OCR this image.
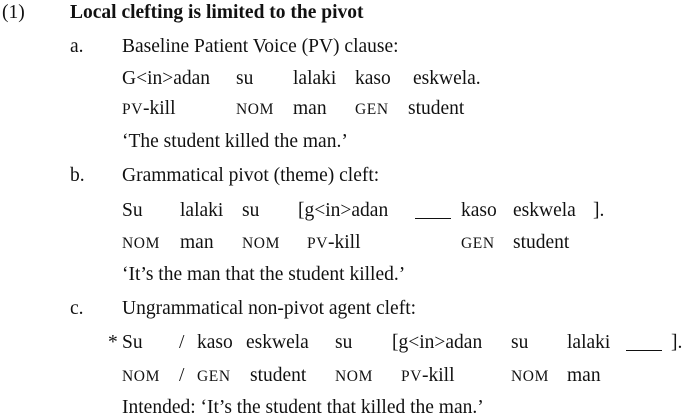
(1) Local clefting is limited to the pivot
a. Baseline Patient Voice (PV) clause:
G<in>adan su lalaki kaso eskwela.
PV-kill	NOM man GEN student
‘The student killed the man.’
b. Grammatical pivot (theme) cleft:
Su lalaki su [g<in>adan	kaso eskwela ].
NOM man NOM PV-kill	GEN student
‘It’s the man that the student killed.’
c. Ungrammatical non-pivot agent cleft:
* Su / kaso eskwela su [g<in>adan su lalaki	].
NOM / GEN student NOM PV-kill	NOM man
Intended: ‘It’s the student that killed the man.’
